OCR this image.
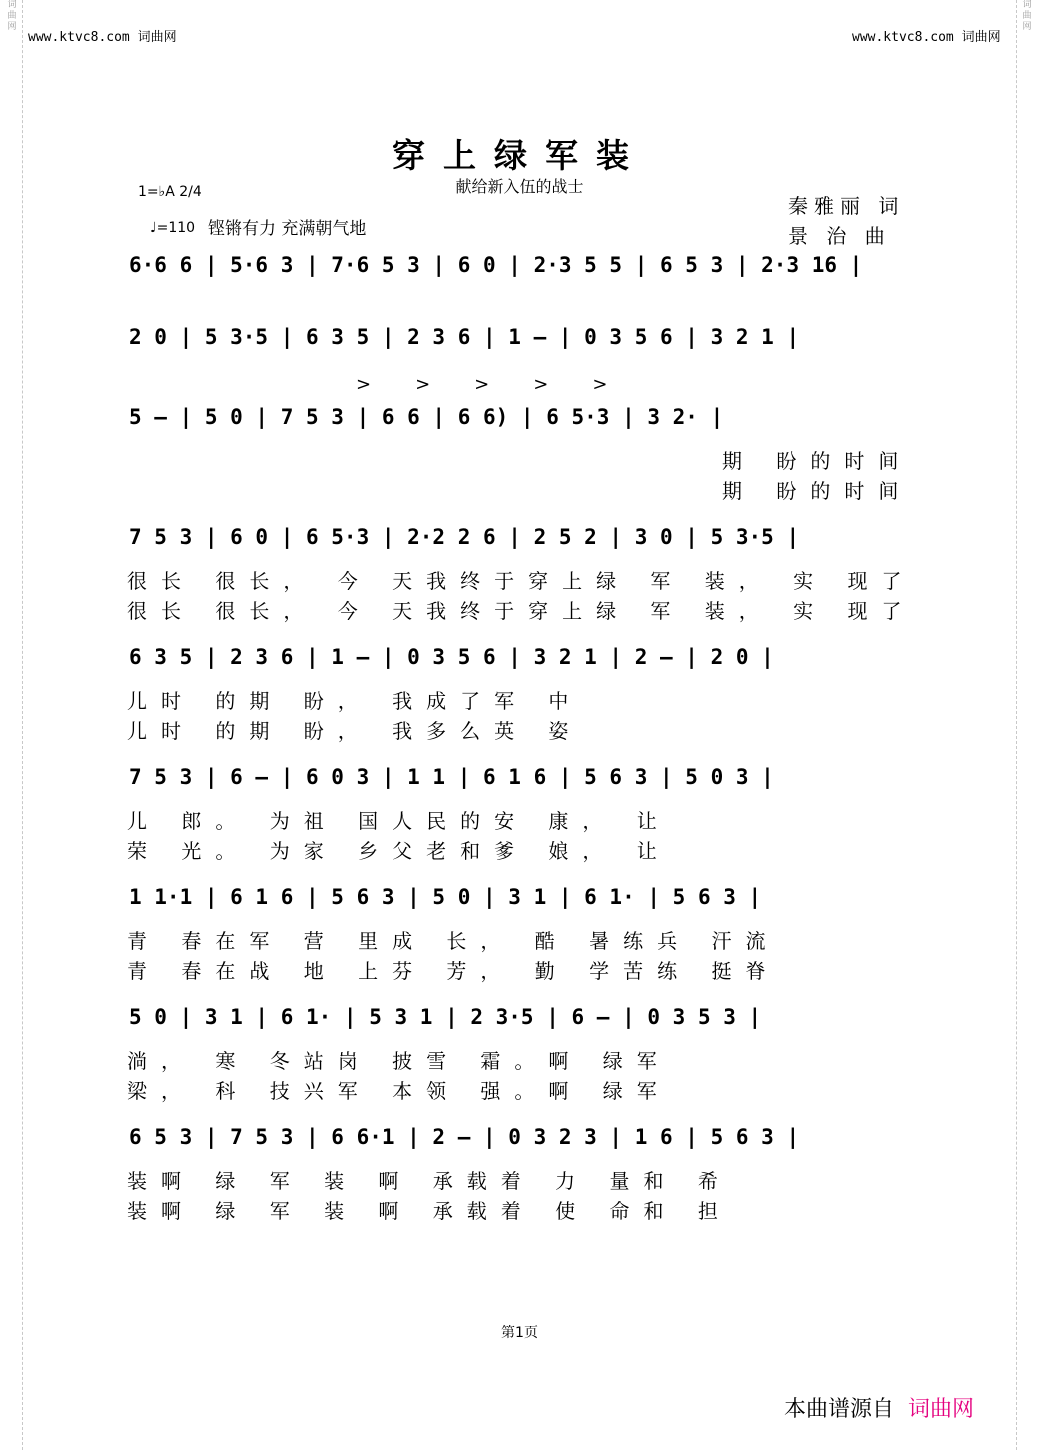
词
曲
网
词
曲
网
www.ktvc8.com 词曲网	www.ktvc8.com 词曲网
穿上绿军装
献给新入伍的战士
1=♭A 2/4
♩=110 铿锵有力 充满朝气地
秦雅丽 词
景 治 曲
>>>>>
6·6 6 | 5·6 3 | 7·6 5 3 | 6 0 | 2·3 5 5 | 6 5 3 | 2·3 16 |
2 0 | 5 3·5 | 6 3 5 | 2 3 6 | 1 – | 0 3 5 6 | 3 2 1 |
5 – | 5 0 | 7 5 3 | 6 6 | 6 6) | 6 5·3 | 3 2· |
期 盼的时间
期 盼的时间
7 5 3 | 6 0 | 6 5·3 | 2·2 2 6 | 2 5 2 | 3 0 | 5 3·5 |
很长 很长， 今 天我终于穿上绿 军 装， 实 现了
很长 很长， 今 天我终于穿上绿 军 装， 实 现了
6 3 5 | 2 3 6 | 1 – | 0 3 5 6 | 3 2 1 | 2 – | 2 0 |
儿时 的期 盼， 我成了军 中
儿时 的期 盼， 我多么英 姿
7 5 3 | 6 – | 6 0 3 | 1 1 | 6 1 6 | 5 6 3 | 5 0 3 |
儿 郎。 为祖 国人民的安 康， 让
荣 光。 为家 乡父老和爹 娘， 让
1 1·1 | 6 1 6 | 5 6 3 | 5 0 | 3 1 | 6 1· | 5 6 3 |
青 春在军 营 里成 长， 酷 暑练兵 汗流
青 春在战 地 上芬 芳， 勤 学苦练 挺脊
5 0 | 3 1 | 6 1· | 5 3 1 | 2 3·5 | 6 – | 0 3 5 3 |
淌， 寒 冬站岗 披雪 霜。啊 绿军
梁， 科 技兴军 本领 强。啊 绿军
6 5 3 | 7 5 3 | 6 6·1 | 2 – | 0 3 2 3 | 1 6 | 5 6 3 |
装啊 绿 军 装 啊 承载着 力 量和 希
装啊 绿 军 装 啊 承载着 使 命和 担
第1页
本曲谱源自 词曲网
